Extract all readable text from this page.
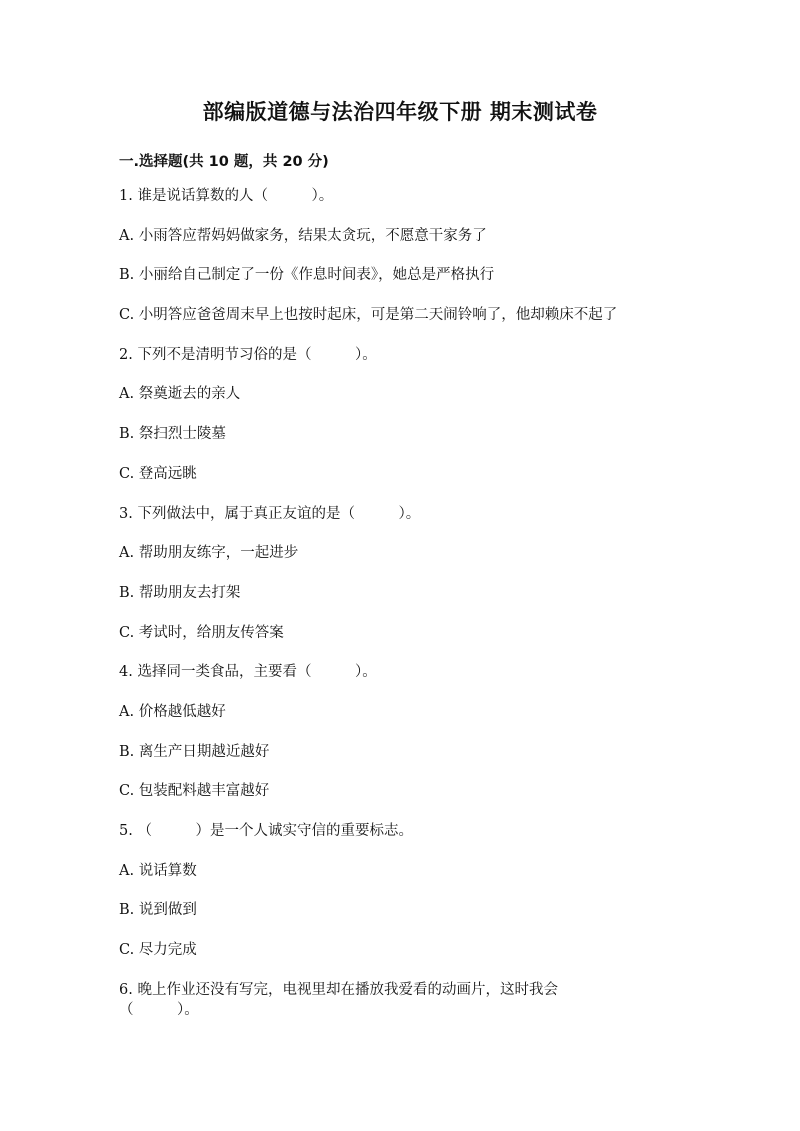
部编版道德与法治四年级下册 期末测试卷
一.选择题(共 10 题，共 20 分)
1. 谁是说话算数的人（　　　）。
A. 小雨答应帮妈妈做家务，结果太贪玩，不愿意干家务了
B. 小丽给自己制定了一份《作息时间表》，她总是严格执行
C. 小明答应爸爸周末早上也按时起床，可是第二天闹铃响了，他却赖床不起了
2. 下列不是清明节习俗的是（　　　）。
A. 祭奠逝去的亲人
B. 祭扫烈士陵墓
C. 登高远眺
3. 下列做法中，属于真正友谊的是（　　　）。
A. 帮助朋友练字，一起进步
B. 帮助朋友去打架
C. 考试时，给朋友传答案
4. 选择同一类食品，主要看（　　　）。
A. 价格越低越好
B. 离生产日期越近越好
C. 包装配料越丰富越好
5. （　　　）是一个人诚实守信的重要标志。
A. 说话算数
B. 说到做到
C. 尽力完成
6. 晚上作业还没有写完，电视里却在播放我爱看的动画片，这时我会（　　　）。
